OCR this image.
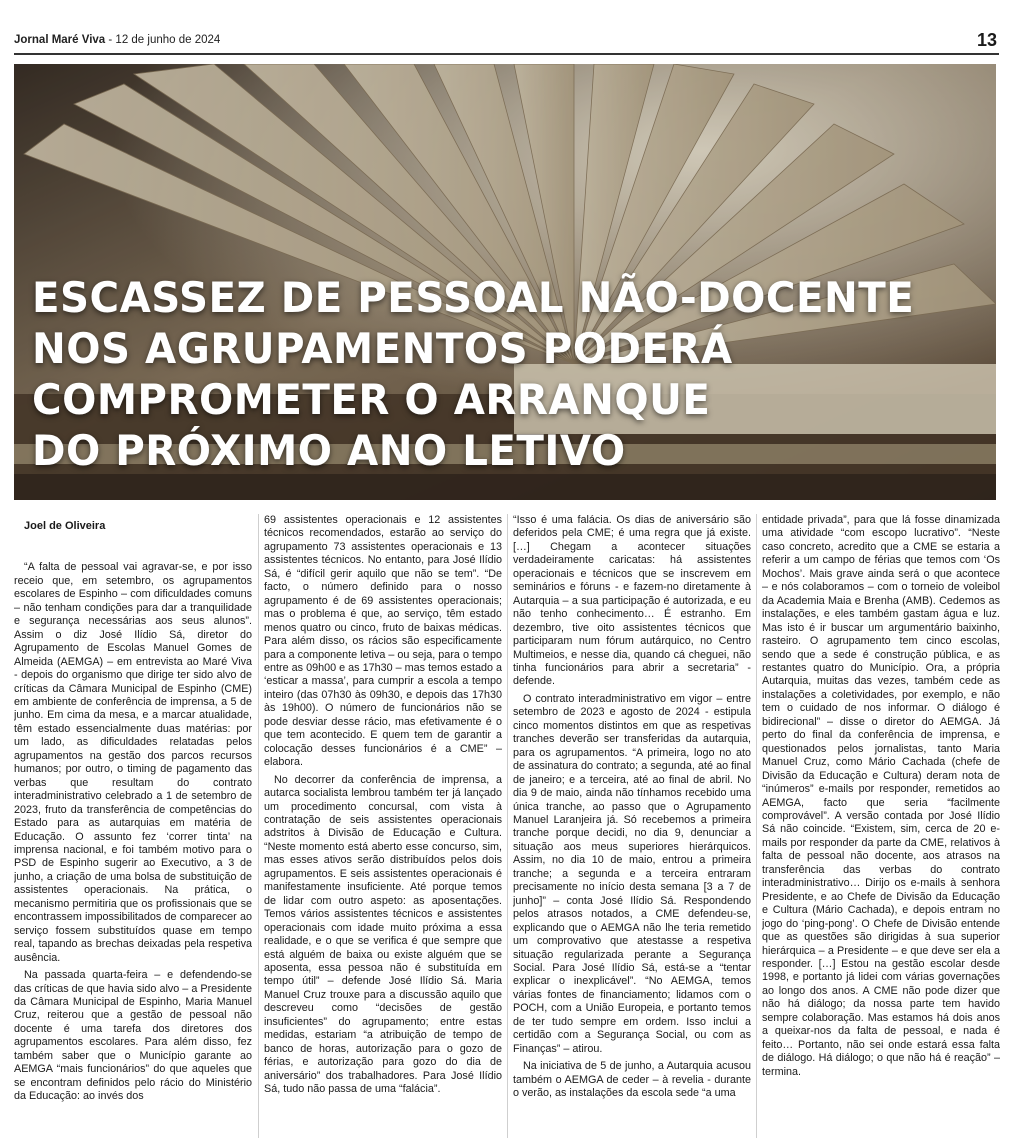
Jornal Maré Viva - 12 de junho de 2024	13
ESCASSEZ DE PESSOAL NÃO-DOCENTE
NOS AGRUPAMENTOS PODERÁ
COMPROMETER O ARRANQUE
DO PRÓXIMO ANO LETIVO

Joel de Oliveira

“A falta de pessoal vai agravar-se, e por isso receio que, em setembro, os agrupamentos escolares de Espinho – com dificuldades comuns – não tenham condições para dar a tranquilidade e segurança necessárias aos seus alunos”. Assim o diz José Ilídio Sá, diretor do Agrupamento de Escolas Manuel Gomes de Almeida (AEMGA) – em entrevista ao Maré Viva - depois do organismo que dirige ter sido alvo de críticas da Câmara Municipal de Espinho (CME) em ambiente de conferência de imprensa, a 5 de junho. Em cima da mesa, e a marcar atualidade, têm estado essencialmente duas matérias: por um lado, as dificuldades relatadas pelos agrupamentos na gestão dos parcos recursos humanos; por outro, o timing de pagamento das verbas que resultam do contrato interadministrativo celebrado a 1 de setembro de 2023, fruto da transferência de competências do Estado para as autarquias em matéria de Educação. O assunto fez ‘correr tinta’ na imprensa nacional, e foi também motivo para o PSD de Espinho sugerir ao Executivo, a 3 de junho, a criação de uma bolsa de substituição de assistentes operacionais. Na prática, o mecanismo permitiria que os profissionais que se encontrassem impossibilitados de comparecer ao serviço fossem substituídos quase em tempo real, tapando as brechas deixadas pela respetiva ausência.

Na passada quarta-feira – e defendendo-se das críticas de que havia sido alvo – a Presidente da Câmara Municipal de Espinho, Maria Manuel Cruz, reiterou que a gestão de pessoal não docente é uma tarefa dos diretores dos agrupamentos escolares. Para além disso, fez também saber que o Município garante ao AEMGA “mais funcionários” do que aqueles que se encontram definidos pelo rácio do Ministério da Educação: ao invés dos

69 assistentes operacionais e 12 assistentes técnicos recomendados, estarão ao serviço do agrupamento 73 assistentes operacionais e 13 assistentes técnicos. No entanto, para José Ilídio Sá, é “difícil gerir aquilo que não se tem”. “De facto, o número definido para o nosso agrupamento é de 69 assistentes operacionais; mas o problema é que, ao serviço, têm estado menos quatro ou cinco, fruto de baixas médicas. Para além disso, os rácios são especificamente para a componente letiva – ou seja, para o tempo entre as 09h00 e as 17h30 – mas temos estado a ‘esticar a massa’, para cumprir a escola a tempo inteiro (das 07h30 às 09h30, e depois das 17h30 às 19h00). O número de funcionários não se pode desviar desse rácio, mas efetivamente é o que tem acontecido. E quem tem de garantir a colocação desses funcionários é a CME” – elabora.

No decorrer da conferência de imprensa, a autarca socialista lembrou também ter já lançado um procedimento concursal, com vista à contratação de seis assistentes operacionais adstritos à Divisão de Educação e Cultura. “Neste momento está aberto esse concurso, sim, mas esses ativos serão distribuídos pelos dois agrupamentos. E seis assistentes operacionais é manifestamente insuficiente. Até porque temos de lidar com outro aspeto: as aposentações. Temos vários assistentes técnicos e assistentes operacionais com idade muito próxima a essa realidade, e o que se verifica é que sempre que está alguém de baixa ou existe alguém que se aposenta, essa pessoa não é substituída em tempo útil” – defende José Ilídio Sá. Maria Manuel Cruz trouxe para a discussão aquilo que descreveu como “decisões de gestão insuficientes” do agrupamento; entre estas medidas, estariam “a atribuição de tempo de banco de horas, autorização para o gozo de férias, e autorização para gozo do dia de aniversário” dos trabalhadores. Para José Ilídio Sá, tudo não passa de uma “falácia”.

“Isso é uma falácia. Os dias de aniversário são deferidos pela CME; é uma regra que já existe. […] Chegam a acontecer situações verdadeiramente caricatas: há assistentes operacionais e técnicos que se inscrevem em seminários e fóruns - e fazem-no diretamente à Autarquia – a sua participação é autorizada, e eu não tenho conhecimento… É estranho. Em dezembro, tive oito assistentes técnicos que participaram num fórum autárquico, no Centro Multimeios, e nesse dia, quando cá cheguei, não tinha funcionários para abrir a secretaria” - defende.

O contrato interadministrativo em vigor – entre setembro de 2023 e agosto de 2024 - estipula cinco momentos distintos em que as respetivas tranches deverão ser transferidas da autarquia, para os agrupamentos. “A primeira, logo no ato de assinatura do contrato; a segunda, até ao final de janeiro; e a terceira, até ao final de abril. No dia 9 de maio, ainda não tínhamos recebido uma única tranche, ao passo que o Agrupamento Manuel Laranjeira já. Só recebemos a primeira tranche porque decidi, no dia 9, denunciar a situação aos meus superiores hierárquicos. Assim, no dia 10 de maio, entrou a primeira tranche; a segunda e a terceira entraram precisamente no início desta semana [3 a 7 de junho]” – conta José Ilídio Sá. Respondendo pelos atrasos notados, a CME defendeu-se, explicando que o AEMGA não lhe teria remetido um comprovativo que atestasse a respetiva situação regularizada perante a Segurança Social. Para José Ilídio Sá, está-se a “tentar explicar o inexplicável”. “No AEMGA, temos várias fontes de financiamento; lidamos com o POCH, com a União Europeia, e portanto temos de ter tudo sempre em ordem. Isso inclui a certidão com a Segurança Social, ou com as Finanças” – atirou.

Na iniciativa de 5 de junho, a Autarquia acusou também o AEMGA de ceder – à revelia - durante o verão, as instalações da escola sede “a uma

entidade privada”, para que lá fosse dinamizada uma atividade “com escopo lucrativo”. “Neste caso concreto, acredito que a CME se estaria a referir a um campo de férias que temos com ‘Os Mochos’. Mais grave ainda será o que acontece – e nós colaboramos – com o torneio de voleibol da Academia Maia e Brenha (AMB). Cedemos as instalações, e eles também gastam água e luz. Mas isto é ir buscar um argumentário baixinho, rasteiro. O agrupamento tem cinco escolas, sendo que a sede é construção pública, e as restantes quatro do Município. Ora, a própria Autarquia, muitas das vezes, também cede as instalações a coletividades, por exemplo, e não tem o cuidado de nos informar. O diálogo é bidirecional” – disse o diretor do AEMGA. Já perto do final da conferência de imprensa, e questionados pelos jornalistas, tanto Maria Manuel Cruz, como Mário Cachada (chefe de Divisão da Educação e Cultura) deram nota de “inúmeros” e-mails por responder, remetidos ao AEMGA, facto que seria “facilmente comprovável”. A versão contada por José Ilídio Sá não coincide. “Existem, sim, cerca de 20 e-mails por responder da parte da CME, relativos à falta de pessoal não docente, aos atrasos na transferência das verbas do contrato interadministrativo… Dirijo os e-mails à senhora Presidente, e ao Chefe de Divisão da Educação e Cultura (Mário Cachada), e depois entram no jogo do ‘ping-pong’. O Chefe de Divisão entende que as questões são dirigidas à sua superior hierárquica – a Presidente – e que deve ser ela a responder. […] Estou na gestão escolar desde 1998, e portanto já lidei com várias governações ao longo dos anos. A CME não pode dizer que não há diálogo; da nossa parte tem havido sempre colaboração. Mas estamos há dois anos a queixar-nos da falta de pessoal, e nada é feito… Portanto, não sei onde estará essa falta de diálogo. Há diálogo; o que não há é reação” – termina.
